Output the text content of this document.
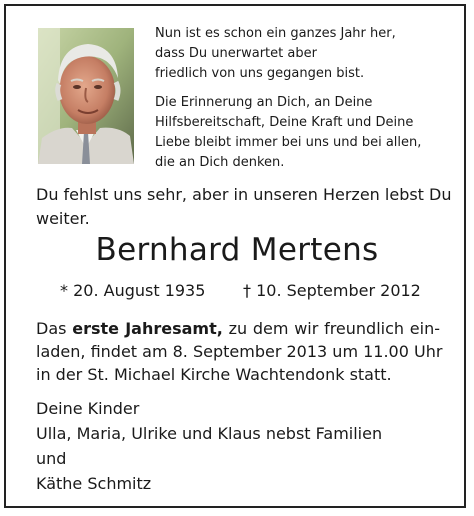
Nun ist es schon ein ganzes Jahr her,
dass Du unerwartet aber
friedlich von uns gegangen bist.
Die Erinnerung an Dich, an Deine
Hilfsbereitschaft, Deine Kraft und Deine
Liebe bleibt immer bei uns und bei allen,
die an Dich denken.
Du fehlst uns sehr, aber in unseren Herzen lebst Du
weiter.
Bernhard Mertens
* 20. August 1935 † 10. September 2012
Das erste Jahresamt, zu dem wir freundlich ein-
laden, findet am 8. September 2013 um 11.00 Uhr
in der St. Michael Kirche Wachtendonk statt.
Deine Kinder
Ulla, Maria, Ulrike und Klaus nebst Familien
und
Käthe Schmitz
